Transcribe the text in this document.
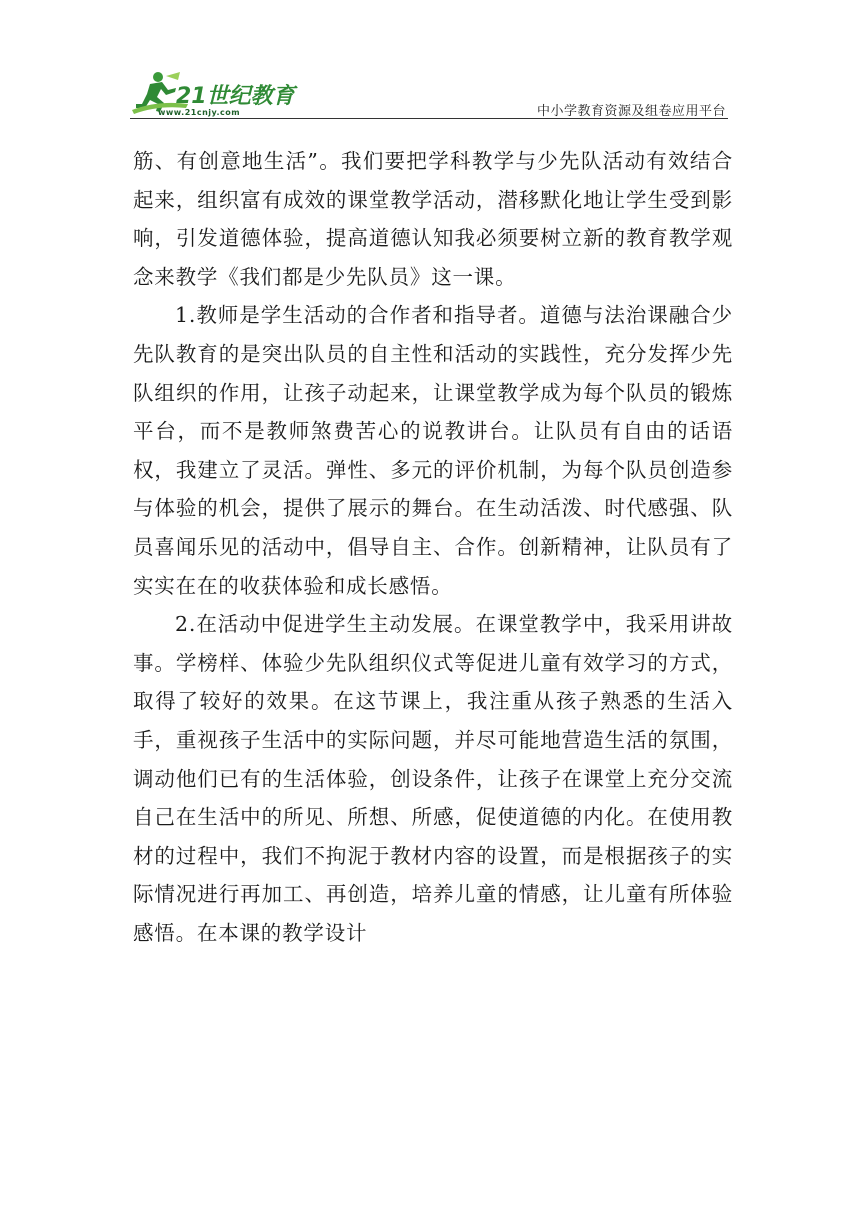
21世纪教育
www.21cnjy.com	中小学教育资源及组卷应用平台

筋、有创意地生活”。我们要把学科教学与少先队活动有效结合起来，组织富有成效的课堂教学活动，潜移默化地让学生受到影响，引发道德体验，提高道德认知我必须要树立新的教育教学观念来教学《我们都是少先队员》这一课。

1.教师是学生活动的合作者和指导者。道德与法治课融合少先队教育的是突出队员的自主性和活动的实践性，充分发挥少先队组织的作用，让孩子动起来，让课堂教学成为每个队员的锻炼平台，而不是教师煞费苦心的说教讲台。让队员有自由的话语权，我建立了灵活。弹性、多元的评价机制，为每个队员创造参与体验的机会，提供了展示的舞台。在生动活泼、时代感强、队员喜闻乐见的活动中，倡导自主、合作。创新精神，让队员有了实实在在的收获体验和成长感悟。

2.在活动中促进学生主动发展。在课堂教学中，我采用讲故事。学榜样、体验少先队组织仪式等促进儿童有效学习的方式，取得了较好的效果。在这节课上，我注重从孩子熟悉的生活入手，重视孩子生活中的实际问题，并尽可能地营造生活的氛围，调动他们已有的生活体验，创设条件，让孩子在课堂上充分交流自己在生活中的所见、所想、所感，促使道德的内化。在使用教材的过程中，我们不拘泥于教材内容的设置，而是根据孩子的实际情况进行再加工、再创造，培养儿童的情感，让儿童有所体验感悟。在本课的教学设计
